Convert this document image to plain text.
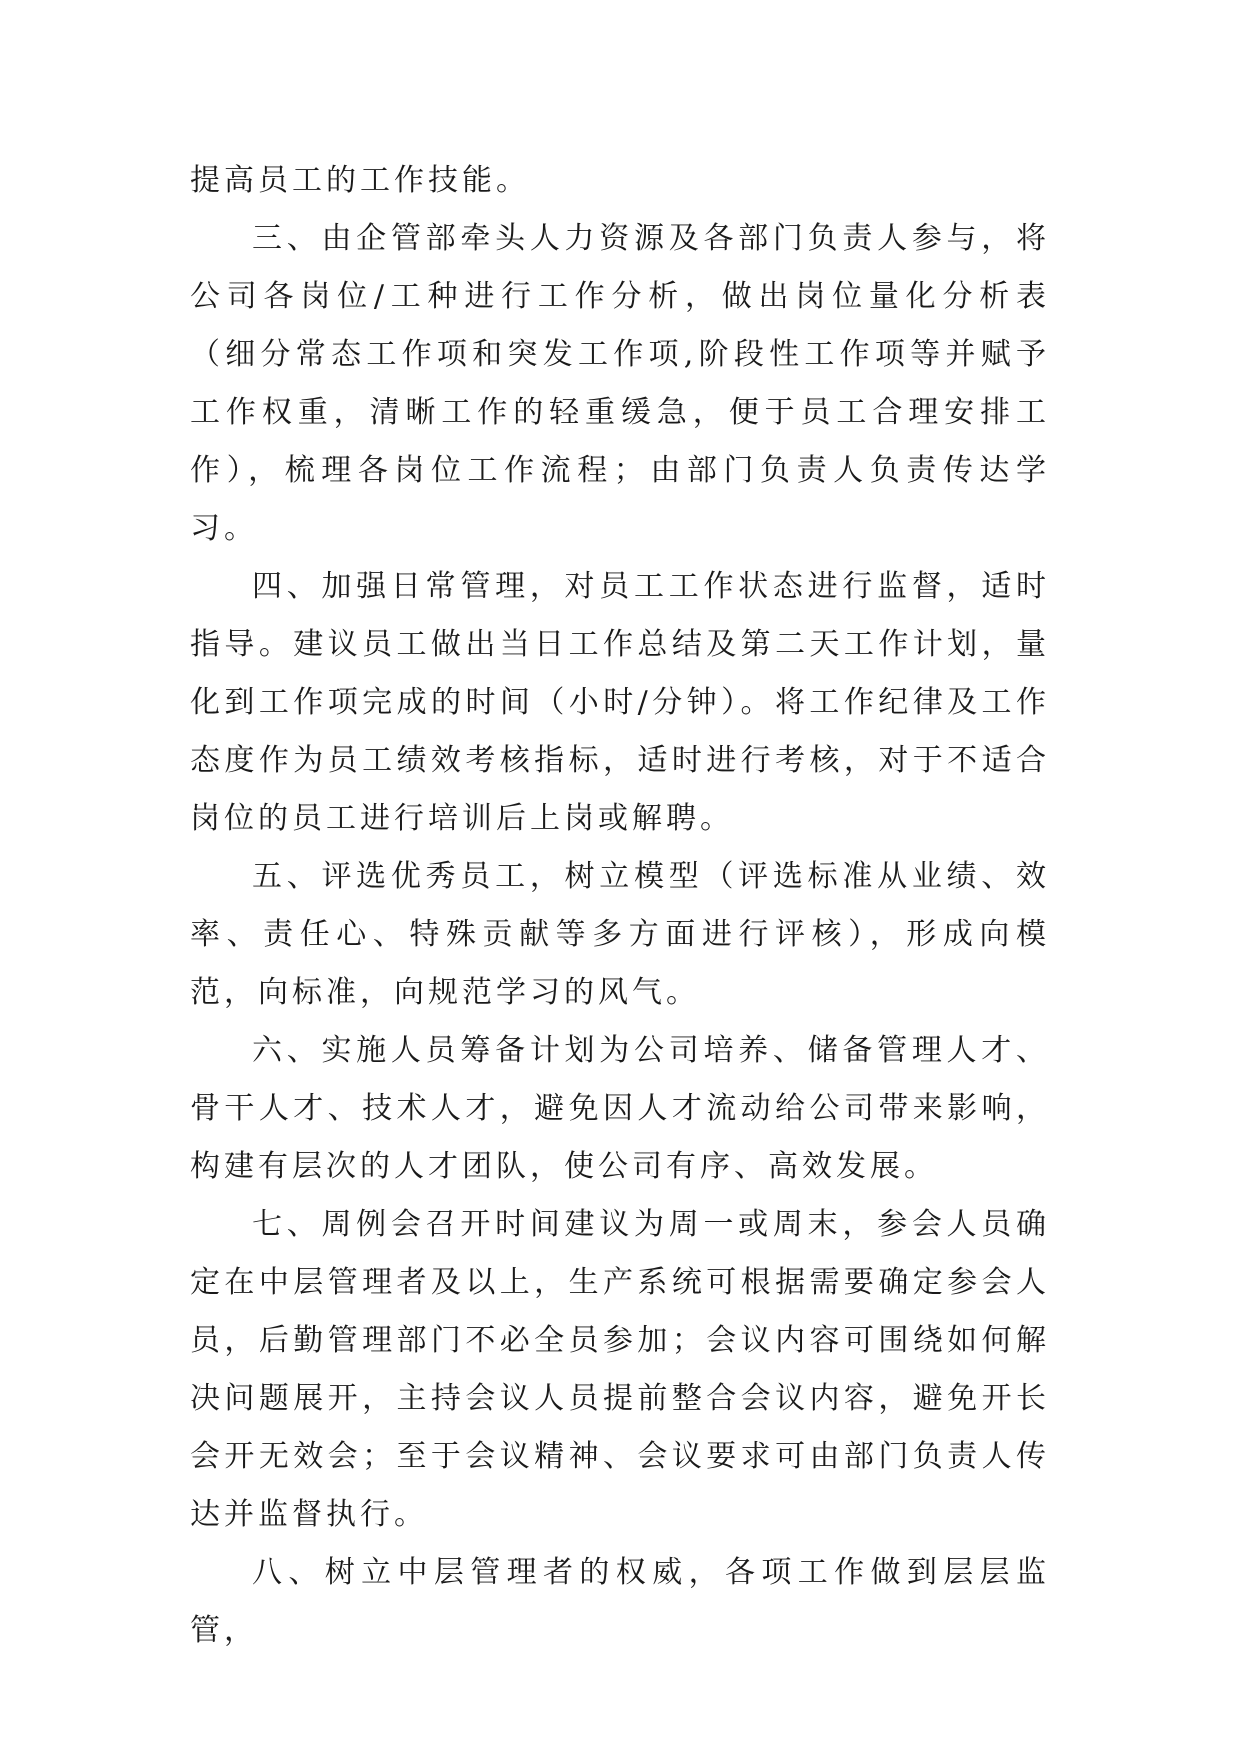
提高员工的工作技能。

三、由企管部牵头人力资源及各部门负责人参与，将公司各岗位/工种进行工作分析，做出岗位量化分析表（细分常态工作项和突发工作项,阶段性工作项等并赋予工作权重，清晰工作的轻重缓急，便于员工合理安排工作），梳理各岗位工作流程；由部门负责人负责传达学习。

四、加强日常管理，对员工工作状态进行监督，适时指导。建议员工做出当日工作总结及第二天工作计划，量化到工作项完成的时间（小时/分钟）。将工作纪律及工作态度作为员工绩效考核指标，适时进行考核，对于不适合岗位的员工进行培训后上岗或解聘。

五、评选优秀员工，树立模型（评选标准从业绩、效率、责任心、特殊贡献等多方面进行评核），形成向模范，向标准，向规范学习的风气。

六、实施人员筹备计划为公司培养、储备管理人才、骨干人才、技术人才，避免因人才流动给公司带来影响，构建有层次的人才团队，使公司有序、高效发展。

七、周例会召开时间建议为周一或周末，参会人员确定在中层管理者及以上，生产系统可根据需要确定参会人员，后勤管理部门不必全员参加；会议内容可围绕如何解决问题展开，主持会议人员提前整合会议内容，避免开长会开无效会；至于会议精神、会议要求可由部门负责人传达并监督执行。

八、树立中层管理者的权威，各项工作做到层层监管，
